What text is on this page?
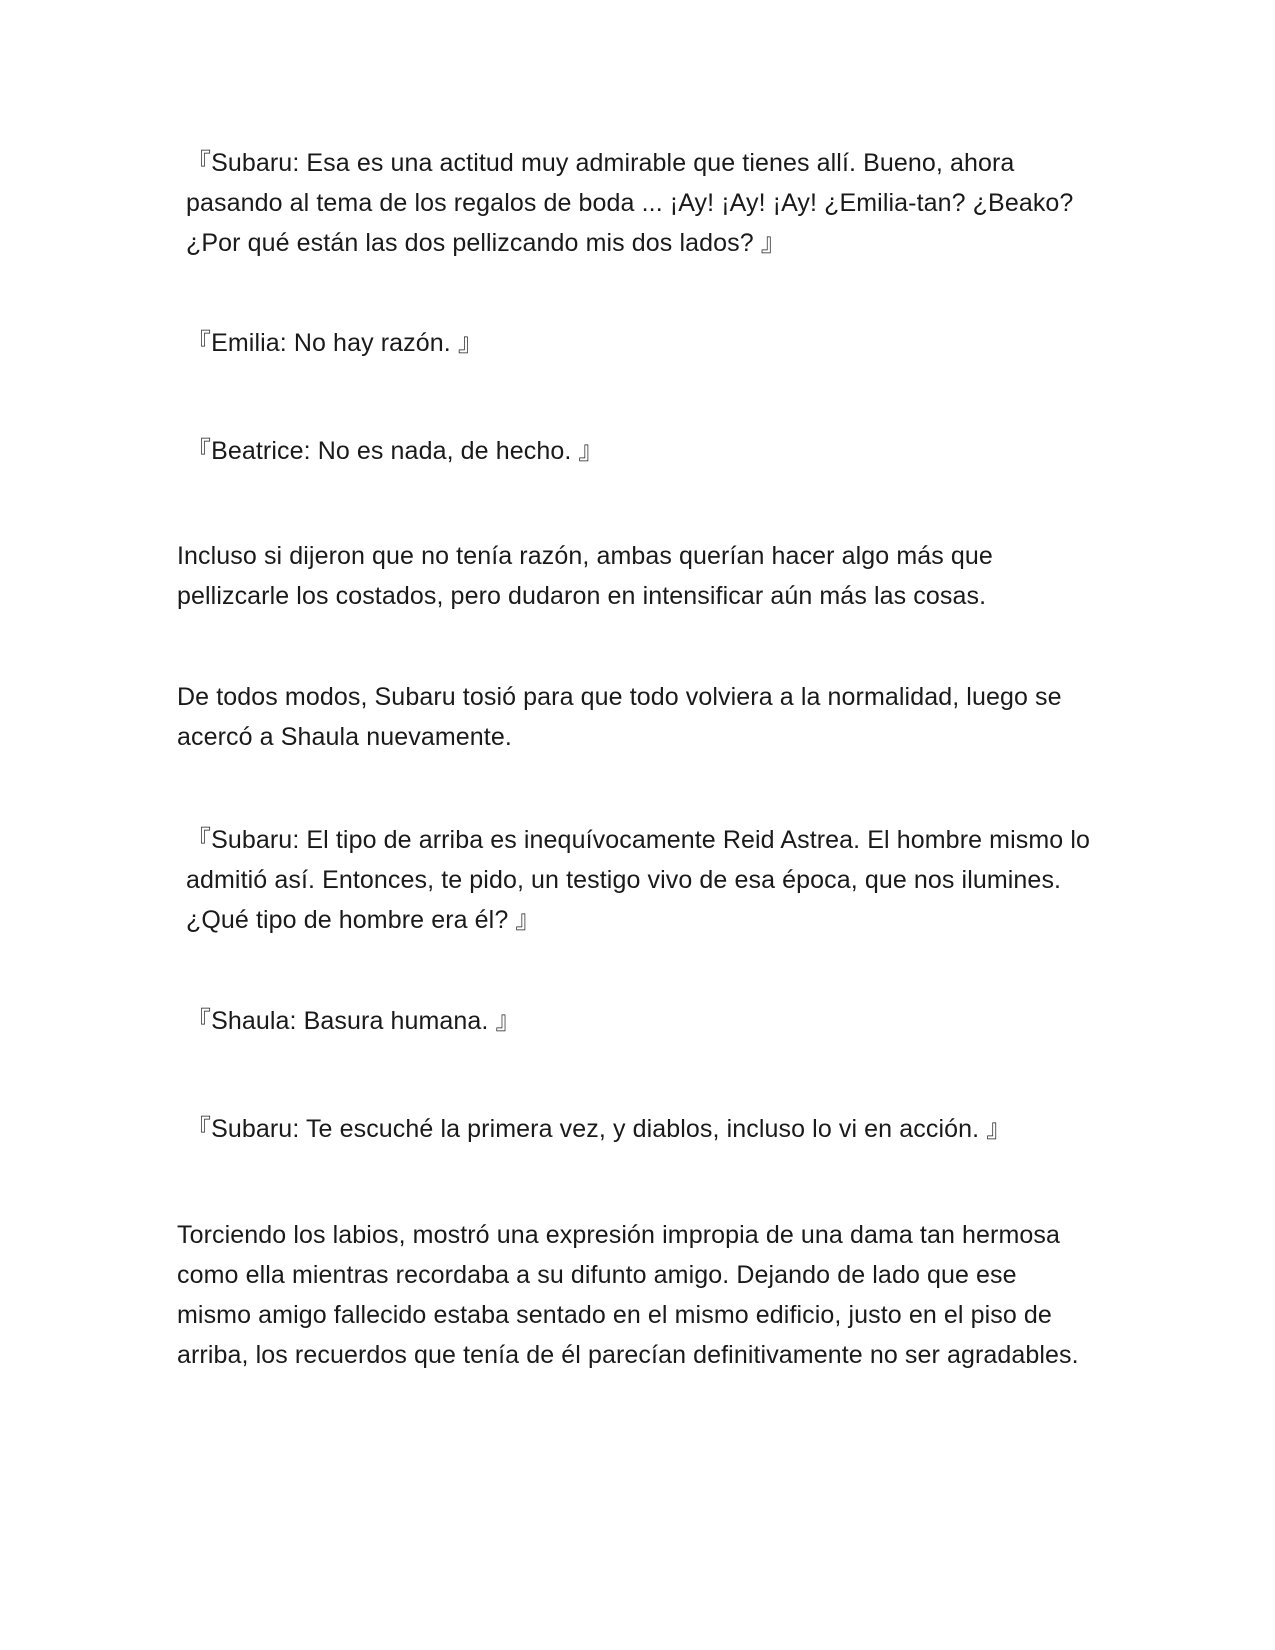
『Subaru: Esa es una actitud muy admirable que tienes allí. Bueno, ahora pasando al tema de los regalos de boda ... ¡Ay! ¡Ay! ¡Ay! ¿Emilia-tan? ¿Beako? ¿Por qué están las dos pellizcando mis dos lados? 』

『Emilia: No hay razón. 』

『Beatrice: No es nada, de hecho. 』

Incluso si dijeron que no tenía razón, ambas querían hacer algo más que pellizcarle los costados, pero dudaron en intensificar aún más las cosas.

De todos modos, Subaru tosió para que todo volviera a la normalidad, luego se acercó a Shaula nuevamente.

『Subaru: El tipo de arriba es inequívocamente Reid Astrea. El hombre mismo lo admitió así. Entonces, te pido, un testigo vivo de esa época, que nos ilumines. ¿Qué tipo de hombre era él? 』

『Shaula: Basura humana. 』

『Subaru: Te escuché la primera vez, y diablos, incluso lo vi en acción. 』

Torciendo los labios, mostró una expresión impropia de una dama tan hermosa como ella mientras recordaba a su difunto amigo. Dejando de lado que ese mismo amigo fallecido estaba sentado en el mismo edificio, justo en el piso de arriba, los recuerdos que tenía de él parecían definitivamente no ser agradables.
